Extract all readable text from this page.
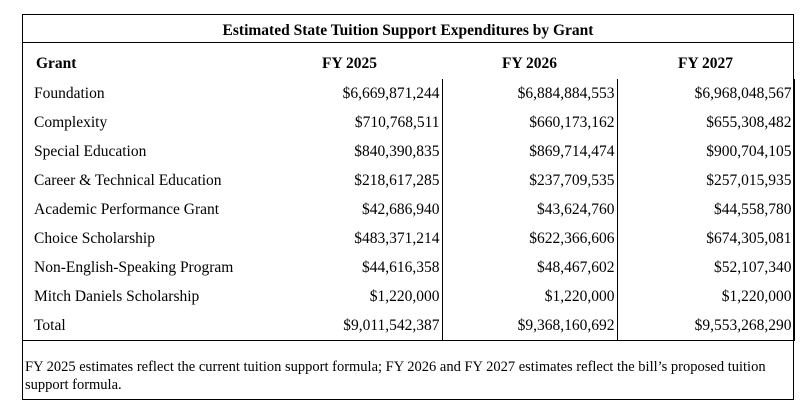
Estimated State Tuition Support Expenditures by Grant
Grant	FY 2025	FY 2026	FY 2027
Foundation	$6,669,871,244	$6,884,884,553	$6,968,048,567
Complexity	$710,768,511	$660,173,162	$655,308,482
Special Education	$840,390,835	$869,714,474	$900,704,105
Career & Technical Education	$218,617,285	$237,709,535	$257,015,935
Academic Performance Grant	$42,686,940	$43,624,760	$44,558,780
Choice Scholarship	$483,371,214	$622,366,606	$674,305,081
Non-English-Speaking Program	$44,616,358	$48,467,602	$52,107,340
Mitch Daniels Scholarship	$1,220,000	$1,220,000	$1,220,000
Total	$9,011,542,387	$9,368,160,692	$9,553,268,290
FY 2025 estimates reflect the current tuition support formula; FY 2026 and FY 2027 estimates reflect the bill’s proposed tuition support formula.
